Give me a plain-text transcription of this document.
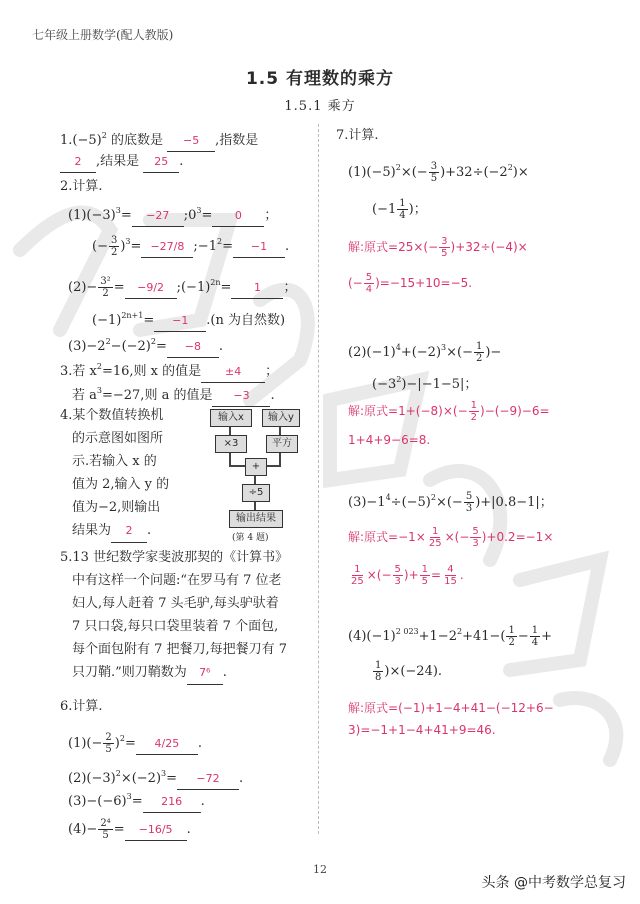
七年级上册数学(配人教版)
1.5 有理数的乘方
1.5.1 乘方
$1.(-5)^2$ 的底数是 −5 ,指数是
2 ,结果是 25 .
2.计算.
$(1)(-3)^3= -27$ $;0^3= 0$ ；
(− $\frac{3}{2} )^3= -27/8$ $;-1^2= -1$ .
$(2)- \frac{\text{3²}}{2} = -9/2$ $;(-1)^{2n}= 1$ ；
$(-1)^{2n+1}= -1$ .(n 为自然数)
$(3)-2^2-(-2)^2= -8$ .
3.若 $x^2=16$,则 x 的值是 ±4 ；
若 $a^3=-27$,则 a 的值是 −3 .
4.某个数值转换机
的示意图如图所
示.若输入 x 的
值为 2,输入 y 的
值为−2,则输出
结果为 2 .
输入x	输入y
×3	平方
+
÷5
输出结果
(第 4 题)
5.13 世纪数学家斐波那契的《计算书》
中有这样一个问题:“在罗马有 7 位老
妇人,每人赶着 7 头毛驴,每头驴驮着
7 只口袋,每只口袋里装着 7 个面包,
每个面包附有 7 把餐刀,每把餐刀有 7
只刀鞘.”则刀鞘数为 7⁶ .
6.计算.
$(1)(- \frac{2}{5} )^2= 4/25$ .
$(2)(-3)^2\times(-2)^3= -72$ .
$(3)-(-6)^3= 216$ .
$(4)- \frac{\text{2⁴}}{5} = -16/5$ .
7.计算.
$(1)(-5)^2\times(- \frac{3}{5} )+32\div(-2^2)\times$
($-1 \frac{1}{4}$ )；
解:原式$=25\times(- \frac{3}{5} )+32\div(-4)\times$
(− $\frac{5}{4} )=-15+10=-5$.
$(2)(-1)^4+(-2)^3\times(- \frac{1}{2}$ )−
$(-3^2)-|-1-5|$；
解:原式$=1+(-8)\times(- \frac{1}{2} )-(-9)-6=$
1+4+9−6=8.
$(3)-1^4\div(-5)^2\times(- \frac{5}{3} )+|0.8-1|$；
解:原式$=-1\times \frac{1}{25}$ ×(− $\frac{5}{3} )+0.2=-1\times$
$\frac{1}{25}$ ×(− $\frac{5}{3}$ )+ $\frac{1}{5} = \frac{4}{15}$ .
$(4)(-1)^{2 023}+1-2^2+41-( \frac{1}{2} - \frac{1}{4}$ +
$\frac{1}{8} )\times(-24)$.
解:原式=(−1)+1−4+41−(−12+6−
3)=−1+1−4+41+9=46.
12
头条 @中考数学总复习
